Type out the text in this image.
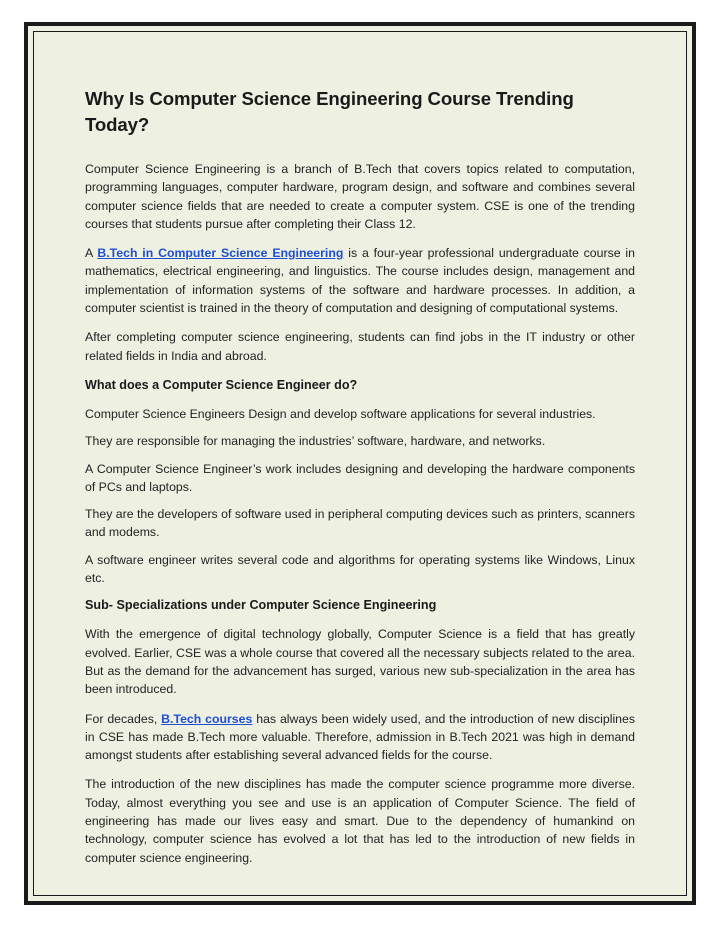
Why Is Computer Science Engineering Course Trending Today?

Computer Science Engineering is a branch of B.Tech that covers topics related to computation, programming languages, computer hardware, program design, and software and combines several computer science fields that are needed to create a computer system. CSE is one of the trending courses that students pursue after completing their Class 12.

A B.Tech in Computer Science Engineering is a four-year professional undergraduate course in mathematics, electrical engineering, and linguistics. The course includes design, management and implementation of information systems of the software and hardware processes. In addition, a computer scientist is trained in the theory of computation and designing of computational systems.

After completing computer science engineering, students can find jobs in the IT industry or other related fields in India and abroad.

What does a Computer Science Engineer do?

Computer Science Engineers Design and develop software applications for several industries.

They are responsible for managing the industries’ software, hardware, and networks.

A Computer Science Engineer’s work includes designing and developing the hardware components of PCs and laptops.

They are the developers of software used in peripheral computing devices such as printers, scanners and modems.

A software engineer writes several code and algorithms for operating systems like Windows, Linux etc.

Sub- Specializations under Computer Science Engineering

With the emergence of digital technology globally, Computer Science is a field that has greatly evolved. Earlier, CSE was a whole course that covered all the necessary subjects related to the area. But as the demand for the advancement has surged, various new sub-specialization in the area has been introduced.

For decades, B.Tech courses has always been widely used, and the introduction of new disciplines in CSE has made B.Tech more valuable. Therefore, admission in B.Tech 2021 was high in demand amongst students after establishing several advanced fields for the course.

The introduction of the new disciplines has made the computer science programme more diverse. Today, almost everything you see and use is an application of Computer Science. The field of engineering has made our lives easy and smart. Due to the dependency of humankind on technology, computer science has evolved a lot that has led to the introduction of new fields in computer science engineering.
